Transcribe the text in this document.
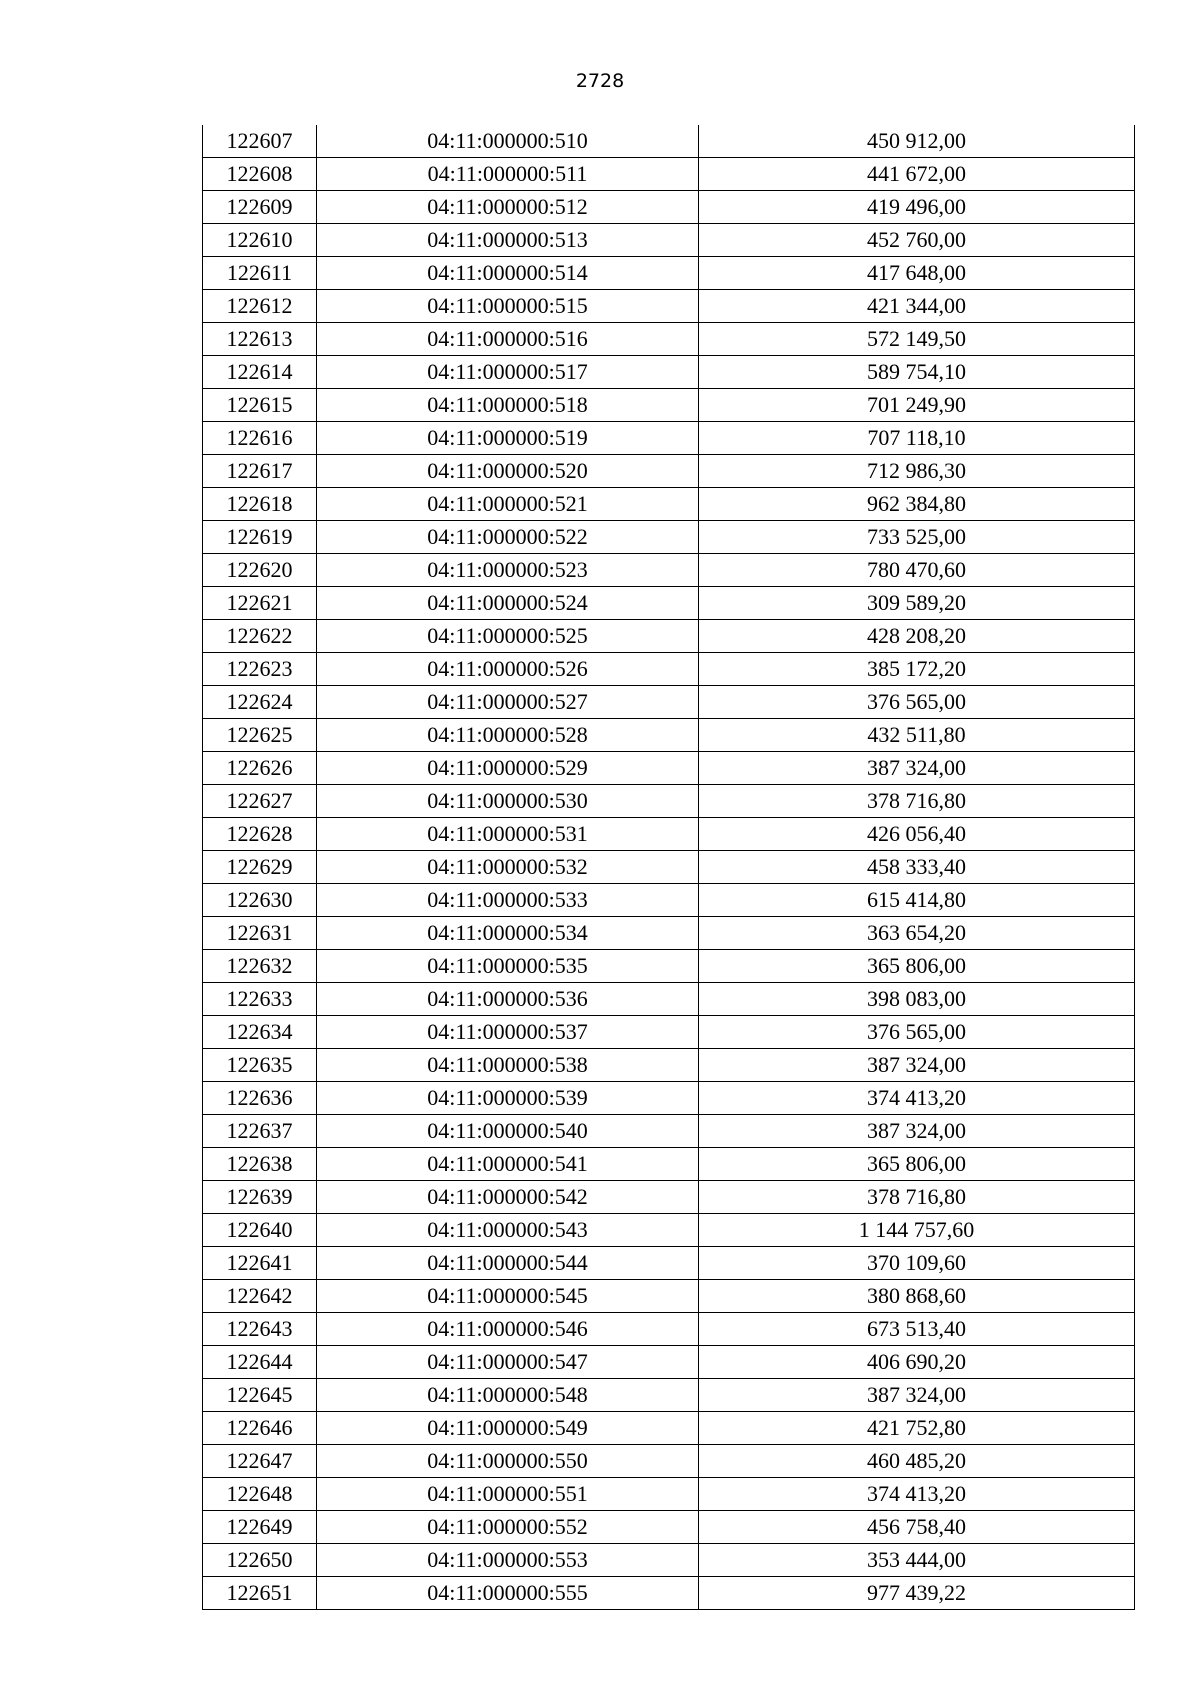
2728
122607	04:11:000000:510	450 912,00
122608	04:11:000000:511	441 672,00
122609	04:11:000000:512	419 496,00
122610	04:11:000000:513	452 760,00
122611	04:11:000000:514	417 648,00
122612	04:11:000000:515	421 344,00
122613	04:11:000000:516	572 149,50
122614	04:11:000000:517	589 754,10
122615	04:11:000000:518	701 249,90
122616	04:11:000000:519	707 118,10
122617	04:11:000000:520	712 986,30
122618	04:11:000000:521	962 384,80
122619	04:11:000000:522	733 525,00
122620	04:11:000000:523	780 470,60
122621	04:11:000000:524	309 589,20
122622	04:11:000000:525	428 208,20
122623	04:11:000000:526	385 172,20
122624	04:11:000000:527	376 565,00
122625	04:11:000000:528	432 511,80
122626	04:11:000000:529	387 324,00
122627	04:11:000000:530	378 716,80
122628	04:11:000000:531	426 056,40
122629	04:11:000000:532	458 333,40
122630	04:11:000000:533	615 414,80
122631	04:11:000000:534	363 654,20
122632	04:11:000000:535	365 806,00
122633	04:11:000000:536	398 083,00
122634	04:11:000000:537	376 565,00
122635	04:11:000000:538	387 324,00
122636	04:11:000000:539	374 413,20
122637	04:11:000000:540	387 324,00
122638	04:11:000000:541	365 806,00
122639	04:11:000000:542	378 716,80
122640	04:11:000000:543	1 144 757,60
122641	04:11:000000:544	370 109,60
122642	04:11:000000:545	380 868,60
122643	04:11:000000:546	673 513,40
122644	04:11:000000:547	406 690,20
122645	04:11:000000:548	387 324,00
122646	04:11:000000:549	421 752,80
122647	04:11:000000:550	460 485,20
122648	04:11:000000:551	374 413,20
122649	04:11:000000:552	456 758,40
122650	04:11:000000:553	353 444,00
122651	04:11:000000:555	977 439,22
